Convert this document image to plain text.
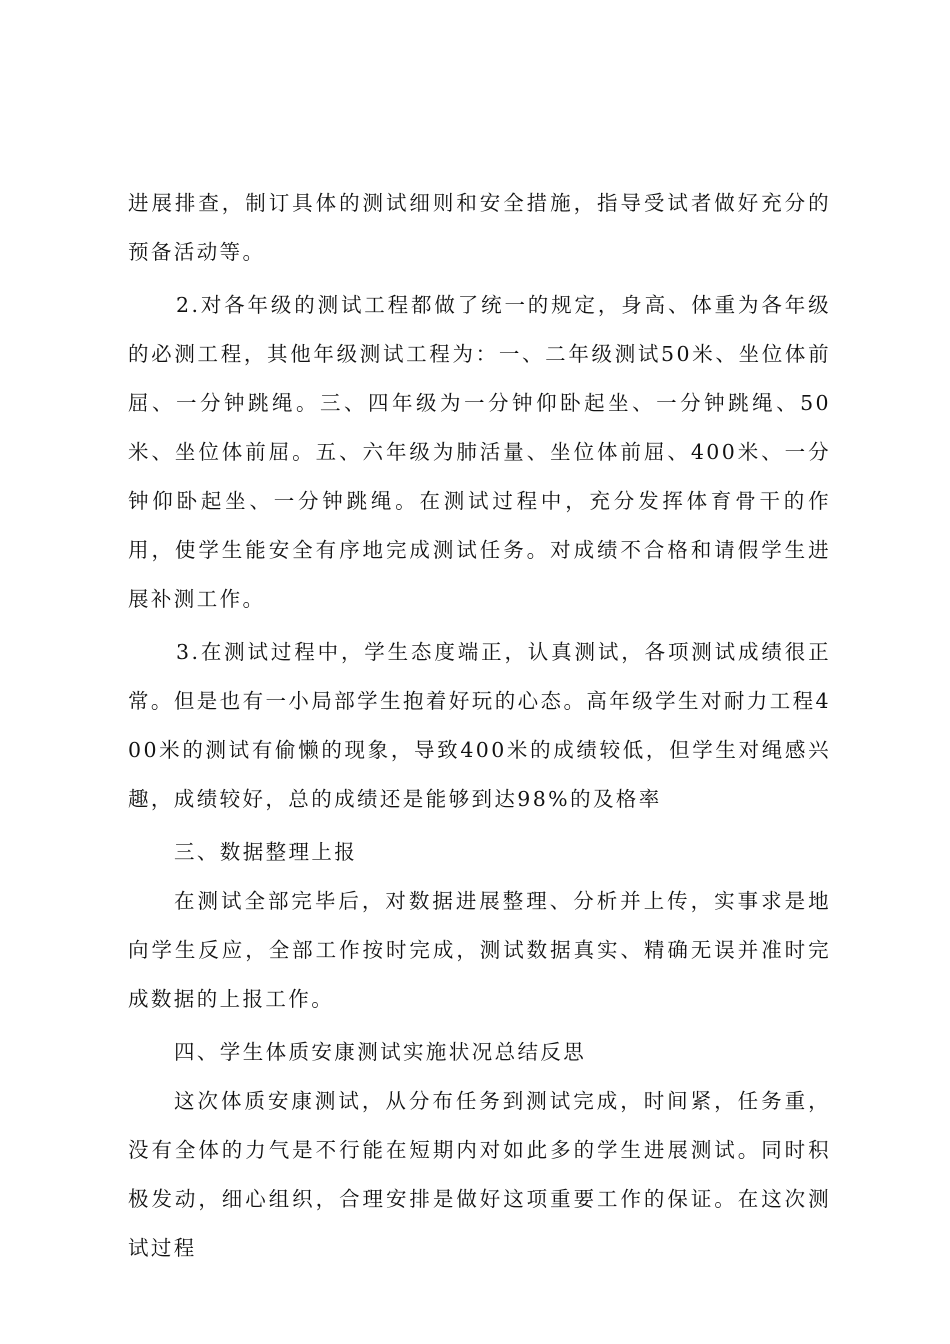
进展排查，制订具体的测试细则和安全措施，指导受试者做好充分的预备活动等。

2.对各年级的测试工程都做了统一的规定，身高、体重为各年级的必测工程，其他年级测试工程为：一、二年级测试50米、坐位体前屈、一分钟跳绳。三、四年级为一分钟仰卧起坐、一分钟跳绳、50米、坐位体前屈。五、六年级为肺活量、坐位体前屈、400米、一分钟仰卧起坐、一分钟跳绳。在测试过程中，充分发挥体育骨干的作用，使学生能安全有序地完成测试任务。对成绩不合格和请假学生进展补测工作。

3.在测试过程中，学生态度端正，认真测试，各项测试成绩很正常。但是也有一小局部学生抱着好玩的心态。高年级学生对耐力工程400米的测试有偷懒的现象，导致400米的成绩较低，但学生对绳感兴趣，成绩较好，总的成绩还是能够到达98%的及格率

三、数据整理上报

在测试全部完毕后，对数据进展整理、分析并上传，实事求是地向学生反应，全部工作按时完成，测试数据真实、精确无误并准时完成数据的上报工作。

四、学生体质安康测试实施状况总结反思

这次体质安康测试，从分布任务到测试完成，时间紧，任务重，没有全体的力气是不行能在短期内对如此多的学生进展测试。同时积极发动，细心组织，合理安排是做好这项重要工作的保证。在这次测试过程
